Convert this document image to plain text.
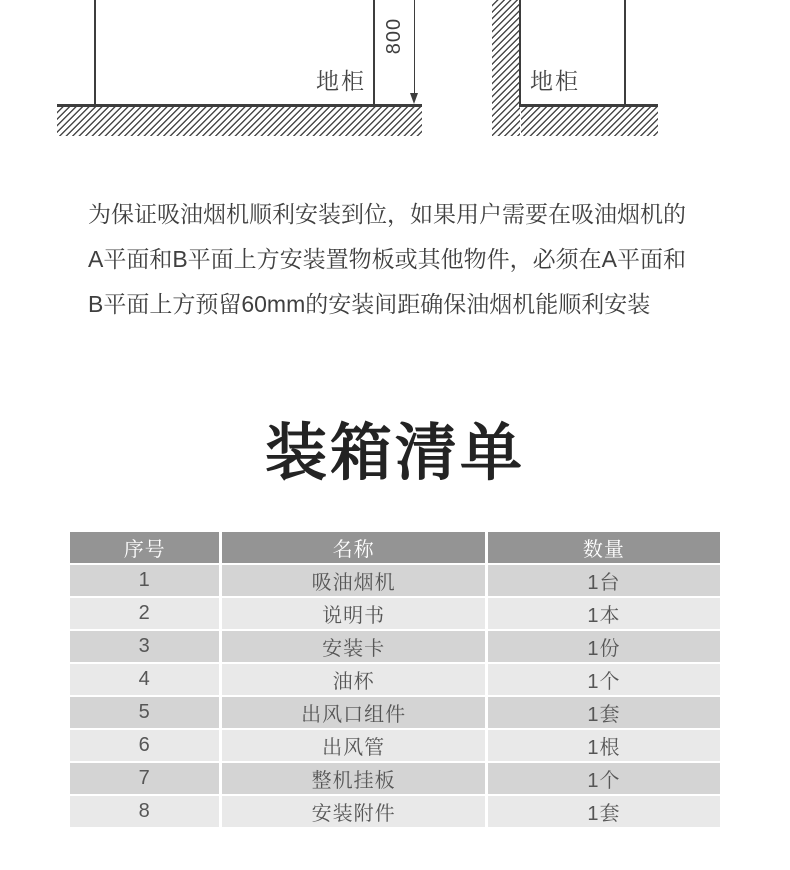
800
地柜	地柜
为保证吸油烟机顺利安装到位，如果用户需要在吸油烟机的
A平面和B平面上方安装置物板或其他物件，必须在A平面和
B平面上方预留60mm的安装间距确保油烟机能顺利安装
装箱清单
序号	名称	数量
1	吸油烟机	1台
2	说明书	1本
3	安装卡	1份
4	油杯	1个
5	出风口组件	1套
6	出风管	1根
7	整机挂板	1个
8	安装附件	1套
